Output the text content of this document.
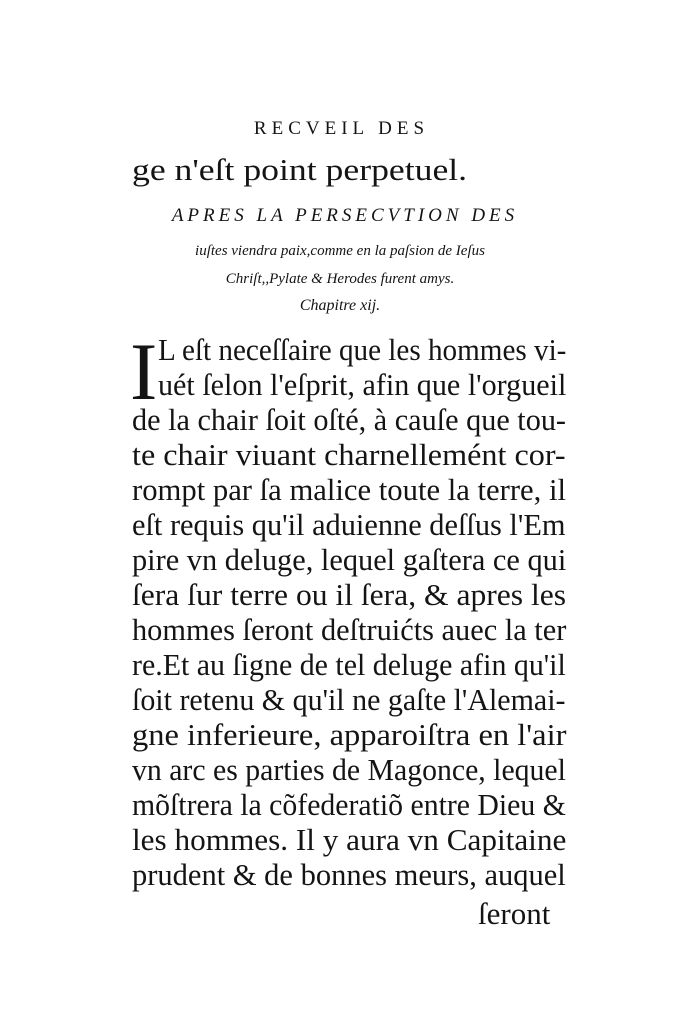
RECVEIL DES
ge n'eſt point perpetuel.
APRES LA PERSECVTION DES
iuſtes viendra paix,comme en la paſsion de Ieſus
Chriſt,,Pylate & Herodes furent amys.
Chapitre xij.
I L eſt neceſſaire que les hommes vi-
uét ſelon l'eſprit, afin que l'orgueil
de la chair ſoit oſté, à cauſe que tou-
te chair viuant charnellemént cor-
rompt par ſa malice toute la terre, il
eſt requis qu'il aduienne deſſus l'Em
pire vn deluge, lequel gaſtera ce qui
ſera ſur terre ou il ſera, & apres les
hommes ſeront deſtruićts auec la ter
re.Et au ſigne de tel deluge afin qu'il
ſoit retenu & qu'il ne gaſte l'Alemai-
gne inferieure, apparoiſtra en l'air
vn arc es parties de Magonce, lequel
mõſtrera la cõfederatiõ entre Dieu &
les hommes. Il y aura vn Capitaine
prudent & de bonnes meurs, auquel
ſeront
